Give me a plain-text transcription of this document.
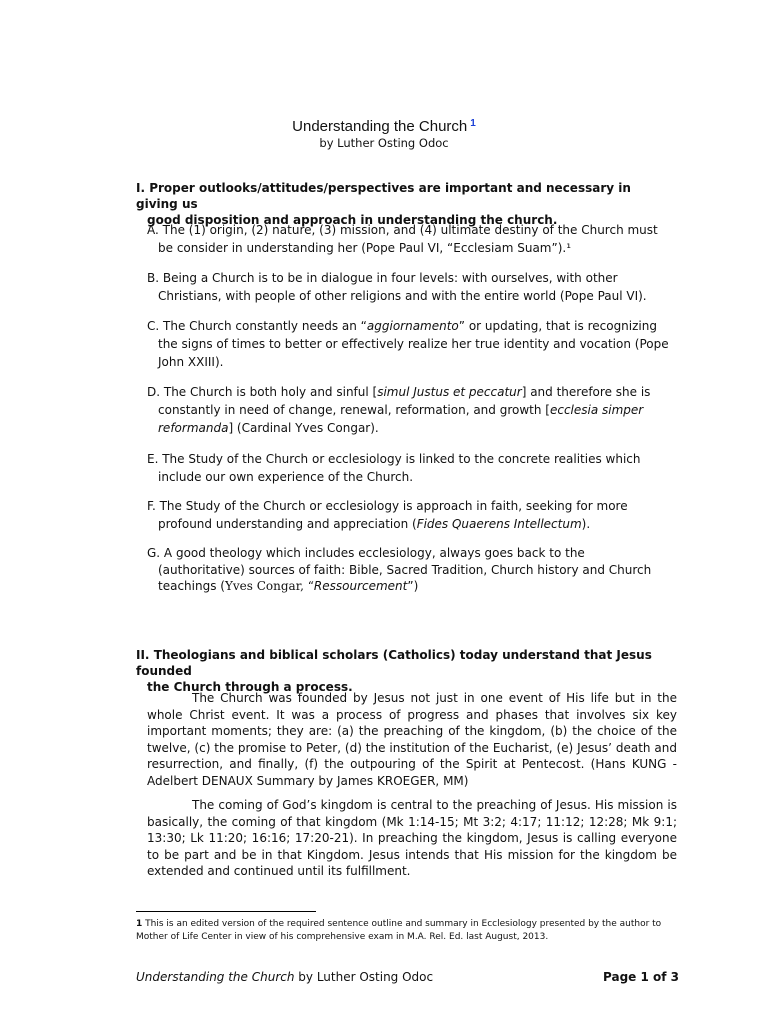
Understanding the Church $^1$
by Luther Osting Odoc
I. Proper outlooks/attitudes/perspectives are important and necessary in giving us
good disposition and approach in understanding the church.
A. The (1) origin, (2) nature, (3) mission, and (4) ultimate destiny of the Church must
be consider in understanding her (Pope Paul VI, “Ecclesiam Suam”).¹
B. Being a Church is to be in dialogue in four levels: with ourselves, with other
Christians, with people of other religions and with the entire world (Pope Paul VI).
C. The Church constantly needs an “aggiornamento” or updating, that is recognizing
the signs of times to better or effectively realize her true identity and vocation (Pope
John XXIII).
D. The Church is both holy and sinful [simul Justus et peccatur] and therefore she is
constantly in need of change, renewal, reformation, and growth [ecclesia simper
reformanda] (Cardinal Yves Congar).
E. The Study of the Church or ecclesiology is linked to the concrete realities which
include our own experience of the Church.
F. The Study of the Church or ecclesiology is approach in faith, seeking for more
profound understanding and appreciation (Fides Quaerens Intellectum).
G. A good theology which includes ecclesiology, always goes back to the
(authoritative) sources of faith: Bible, Sacred Tradition, Church history and Church
teachings (Yves Congar, “Ressourcement”)
II. Theologians and biblical scholars (Catholics) today understand that Jesus founded
the Church through a process.
The Church was founded by Jesus not just in one event of His life but in the whole Christ event. It was a process of progress and phases that involves six key important moments; they are: (a) the preaching of the kingdom, (b) the choice of the twelve, (c) the promise to Peter, (d) the institution of the Eucharist, (e) Jesus’ death and resurrection, and finally, (f) the outpouring of the Spirit at Pentecost. (Hans KUNG -Adelbert DENAUX Summary by James KROEGER, MM)
The coming of God’s kingdom is central to the preaching of Jesus. His mission is basically, the coming of that kingdom (Mk 1:14-15; Mt 3:2; 4:17; 11:12; 12:28; Mk 9:1; 13:30; Lk 11:20; 16:16; 17:20-21). In preaching the kingdom, Jesus is calling everyone to be part and be in that Kingdom. Jesus intends that His mission for the kingdom be extended and continued until its fulfillment.
1 This is an edited version of the required sentence outline and summary in Ecclesiology presented by the author to Mother of Life Center in view of his comprehensive exam in M.A. Rel. Ed. last August, 2013.
Understanding the Church by Luther Osting Odoc	Page 1 of 3
